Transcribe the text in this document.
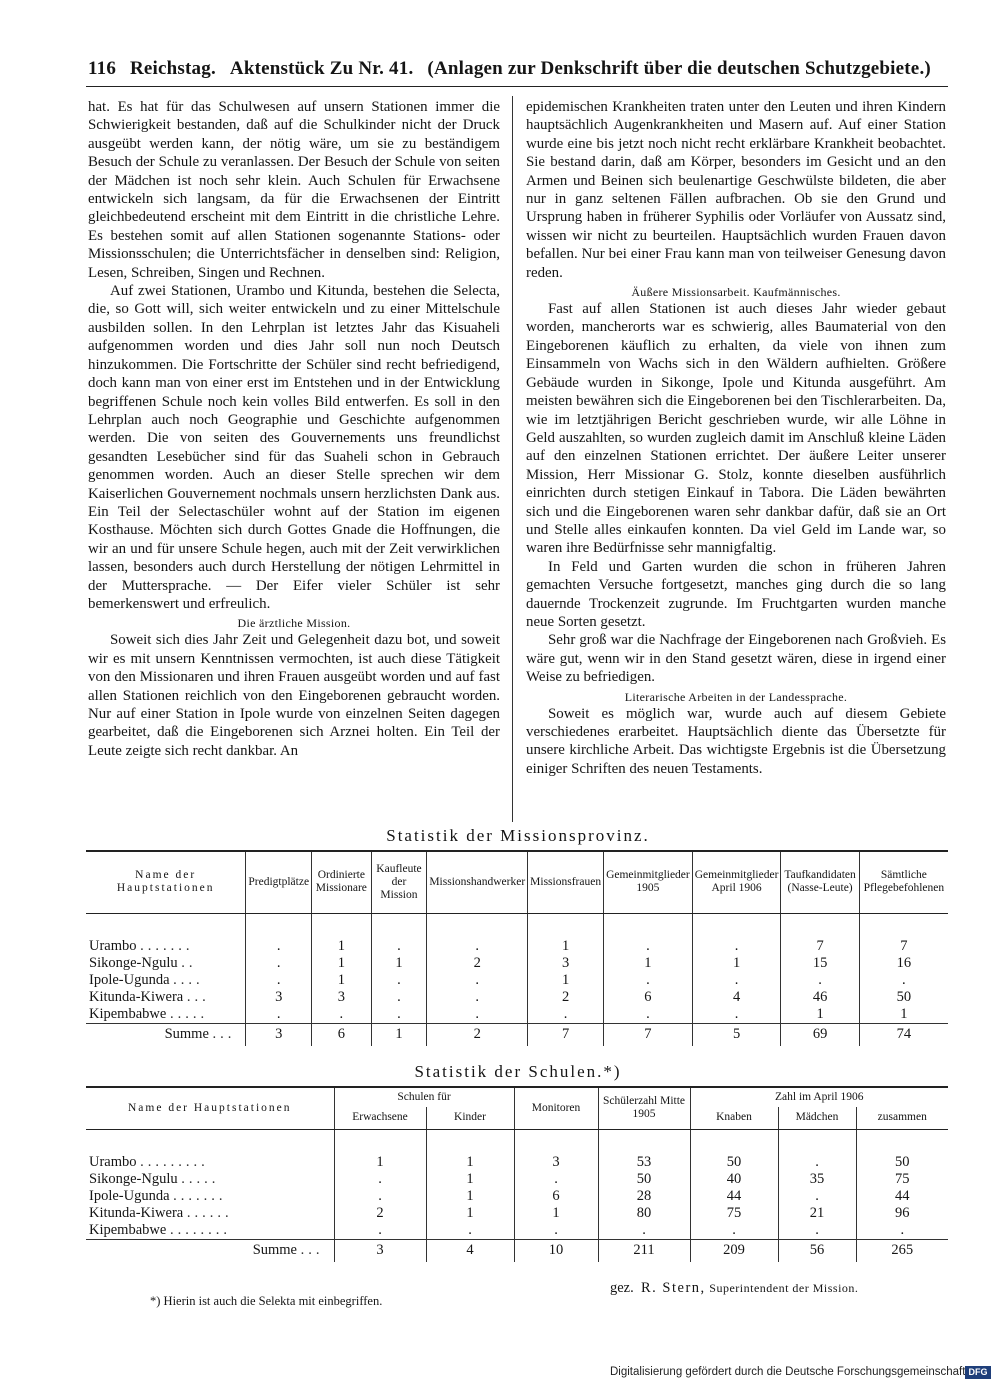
116 Reichstag. Aktenstück Zu Nr. 41. (Anlagen zur Denkschrift über die deutschen Schutzgebiete.)

hat. Es hat für das Schulwesen auf unsern Stationen immer die Schwierigkeit bestanden, daß auf die Schulkinder nicht der Druck ausgeübt werden kann, der nötig wäre, um sie zu beständigem Besuch der Schule zu veranlassen. Der Besuch der Schule von seiten der Mädchen ist noch sehr klein. Auch Schulen für Erwachsene entwickeln sich langsam, da für die Erwachsenen der Eintritt gleichbedeutend erscheint mit dem Eintritt in die christliche Lehre. Es bestehen somit auf allen Stationen sogenannte Stations- oder Missionsschulen; die Unterrichtsfächer in denselben sind: Religion, Lesen, Schreiben, Singen und Rechnen.

Auf zwei Stationen, Urambo und Kitunda, bestehen die Selecta, die, so Gott will, sich weiter entwickeln und zu einer Mittelschule ausbilden sollen. In den Lehrplan ist letztes Jahr das Kisuaheli aufgenommen worden und dies Jahr soll nun noch Deutsch hinzukommen. Die Fortschritte der Schüler sind recht befriedigend, doch kann man von einer erst im Entstehen und in der Entwicklung begriffenen Schule noch kein volles Bild entwerfen. Es soll in den Lehrplan auch noch Geographie und Geschichte aufgenommen werden. Die von seiten des Gouvernements uns freundlichst gesandten Lesebücher sind für das Suaheli schon in Gebrauch genommen worden. Auch an dieser Stelle sprechen wir dem Kaiserlichen Gouvernement nochmals unsern herzlichsten Dank aus. Ein Teil der Selectaschüler wohnt auf der Station im eigenen Kosthause. Möchten sich durch Gottes Gnade die Hoffnungen, die wir an und für unsere Schule hegen, auch mit der Zeit verwirklichen lassen, besonders auch durch Herstellung der nötigen Lehrmittel in der Muttersprache. — Der Eifer vieler Schüler ist sehr bemerkenswert und erfreulich.

Die ärztliche Mission.

Soweit sich dies Jahr Zeit und Gelegenheit dazu bot, und soweit wir es mit unsern Kenntnissen vermochten, ist auch diese Tätigkeit von den Missionaren und ihren Frauen ausgeübt worden und auf fast allen Stationen reichlich von den Eingeborenen gebraucht worden. Nur auf einer Station in Ipole wurde von einzelnen Seiten dagegen gearbeitet, daß die Eingeborenen sich Arznei holten. Ein Teil der Leute zeigte sich recht dankbar. An

epidemischen Krankheiten traten unter den Leuten und ihren Kindern hauptsächlich Augenkrankheiten und Masern auf. Auf einer Station wurde eine bis jetzt noch nicht recht erklärbare Krankheit beobachtet. Sie bestand darin, daß am Körper, besonders im Gesicht und an den Armen und Beinen sich beulenartige Geschwülste bildeten, die aber nur in ganz seltenen Fällen aufbrachen. Ob sie den Grund und Ursprung haben in früherer Syphilis oder Vorläufer von Aussatz sind, wissen wir nicht zu beurteilen. Hauptsächlich wurden Frauen davon befallen. Nur bei einer Frau kann man von teilweiser Genesung davon reden.

Äußere Missionsarbeit. Kaufmännisches.

Fast auf allen Stationen ist auch dieses Jahr wieder gebaut worden, mancherorts war es schwierig, alles Baumaterial von den Eingeborenen käuflich zu erhalten, da viele von ihnen zum Einsammeln von Wachs sich in den Wäldern aufhielten. Größere Gebäude wurden in Sikonge, Ipole und Kitunda ausgeführt. Am meisten bewähren sich die Eingeborenen bei den Tischlerarbeiten. Da, wie im letztjährigen Bericht geschrieben wurde, wir alle Löhne in Geld auszahlten, so wurden zugleich damit im Anschluß kleine Läden auf den einzelnen Stationen errichtet. Der äußere Leiter unserer Mission, Herr Missionar G. Stolz, konnte dieselben ausführlich einrichten durch stetigen Einkauf in Tabora. Die Läden bewährten sich und die Eingeborenen waren sehr dankbar dafür, daß sie an Ort und Stelle alles einkaufen konnten. Da viel Geld im Lande war, so waren ihre Bedürfnisse sehr mannigfaltig.

In Feld und Garten wurden die schon in früheren Jahren gemachten Versuche fortgesetzt, manches ging durch die so lang dauernde Trockenzeit zugrunde. Im Fruchtgarten wurden manche neue Sorten gesetzt.

Sehr groß war die Nachfrage der Eingeborenen nach Großvieh. Es wäre gut, wenn wir in den Stand gesetzt wären, diese in irgend einer Weise zu befriedigen.

Literarische Arbeiten in der Landessprache.

Soweit es möglich war, wurde auch auf diesem Gebiete verschiedenes erarbeitet. Hauptsächlich diente das Übersetzte für unsere kirchliche Arbeit. Das wichtigste Ergebnis ist die Übersetzung einiger Schriften des neuen Testaments.

Statistik der Missionsprovinz.
Name der Hauptstationen	Predigtplätze	Ordinierte Missionare	Kaufleute der Mission	Missionshandwerker	Missionsfrauen	Gemeinmitglieder 1905	Gemeinmitglieder April 1906	Taufkandidaten (Nasse-Leute)	Sämtliche Pflegebefohlenen

Urambo .......	.	1	.	.	1	.	.	7	7
Sikonge-Ngulu ..	.	1	1	2	3	1	1	15	16
Ipole-Ugunda ....	.	1	.	.	1	.	.	.	.
Kitunda-Kiwera ...	3	3	.	.	2	6	4	46	50
Kipembabwe .....	.	.	.	.	.	.	.	1	1
Summe ...	3	6	1	2	7	7	5	69	74
Statistik der Schulen.*)
Name der Hauptstationen	Schulen für		Monitoren	Schülerzahl Mitte 1905	Zahl im April 1906		
	Erwachsene	Kinder			Knaben	Mädchen	zusammen

Urambo .........	1	1	3	53	50	.	50
Sikonge-Ngulu .....	.	1	.	50	40	35	75
Ipole-Ugunda .......	.	1	6	28	44	.	44
Kitunda-Kiwera ......	2	1	1	80	75	21	96
Kipembabwe ........	.	.	.	.	.	.	.
Summe ...	3	4	10	211	209	56	265
gez. R. Stern, Superintendent der Mission.
*) Hierin ist auch die Selekta mit einbegriffen.
Digitalisierung gefördert durch die Deutsche Forschungsgemeinschaft DFG
